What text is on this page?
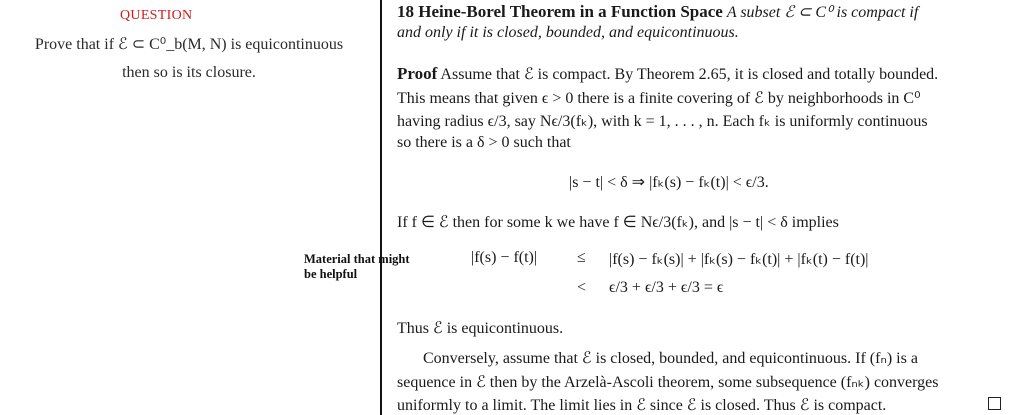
QUESTION
Prove that if ℰ ⊂ C⁰_b(M, N) is equicontinuous
then so is its closure.
Material that might
be helpful
18 Heine-Borel Theorem in a Function Space A subset ℰ ⊂ C⁰ is compact if
and only if it is closed, bounded, and equicontinuous.
Proof Assume that ℰ is compact. By Theorem 2.65, it is closed and totally bounded.
This means that given ϵ > 0 there is a finite covering of ℰ by neighborhoods in C⁰
having radius ϵ/3, say Nϵ/3(fₖ), with k = 1, . . . , n. Each fₖ is uniformly continuous
so there is a δ > 0 such that
|s − t| < δ ⇒ |fₖ(s) − fₖ(t)| < ϵ/3.
If f ∈ ℰ then for some k we have f ∈ Nϵ/3(fₖ), and |s − t| < δ implies
|f(s) − f(t)| ≤ |f(s) − fₖ(s)| + |fₖ(s) − fₖ(t)| + |fₖ(t) − f(t)|
< ϵ/3 + ϵ/3 + ϵ/3 = ϵ
Thus ℰ is equicontinuous.
Conversely, assume that ℰ is closed, bounded, and equicontinuous. If (fₙ) is a
sequence in ℰ then by the Arzelà-Ascoli theorem, some subsequence (fₙₖ) converges
uniformly to a limit. The limit lies in ℰ since ℰ is closed. Thus ℰ is compact.
